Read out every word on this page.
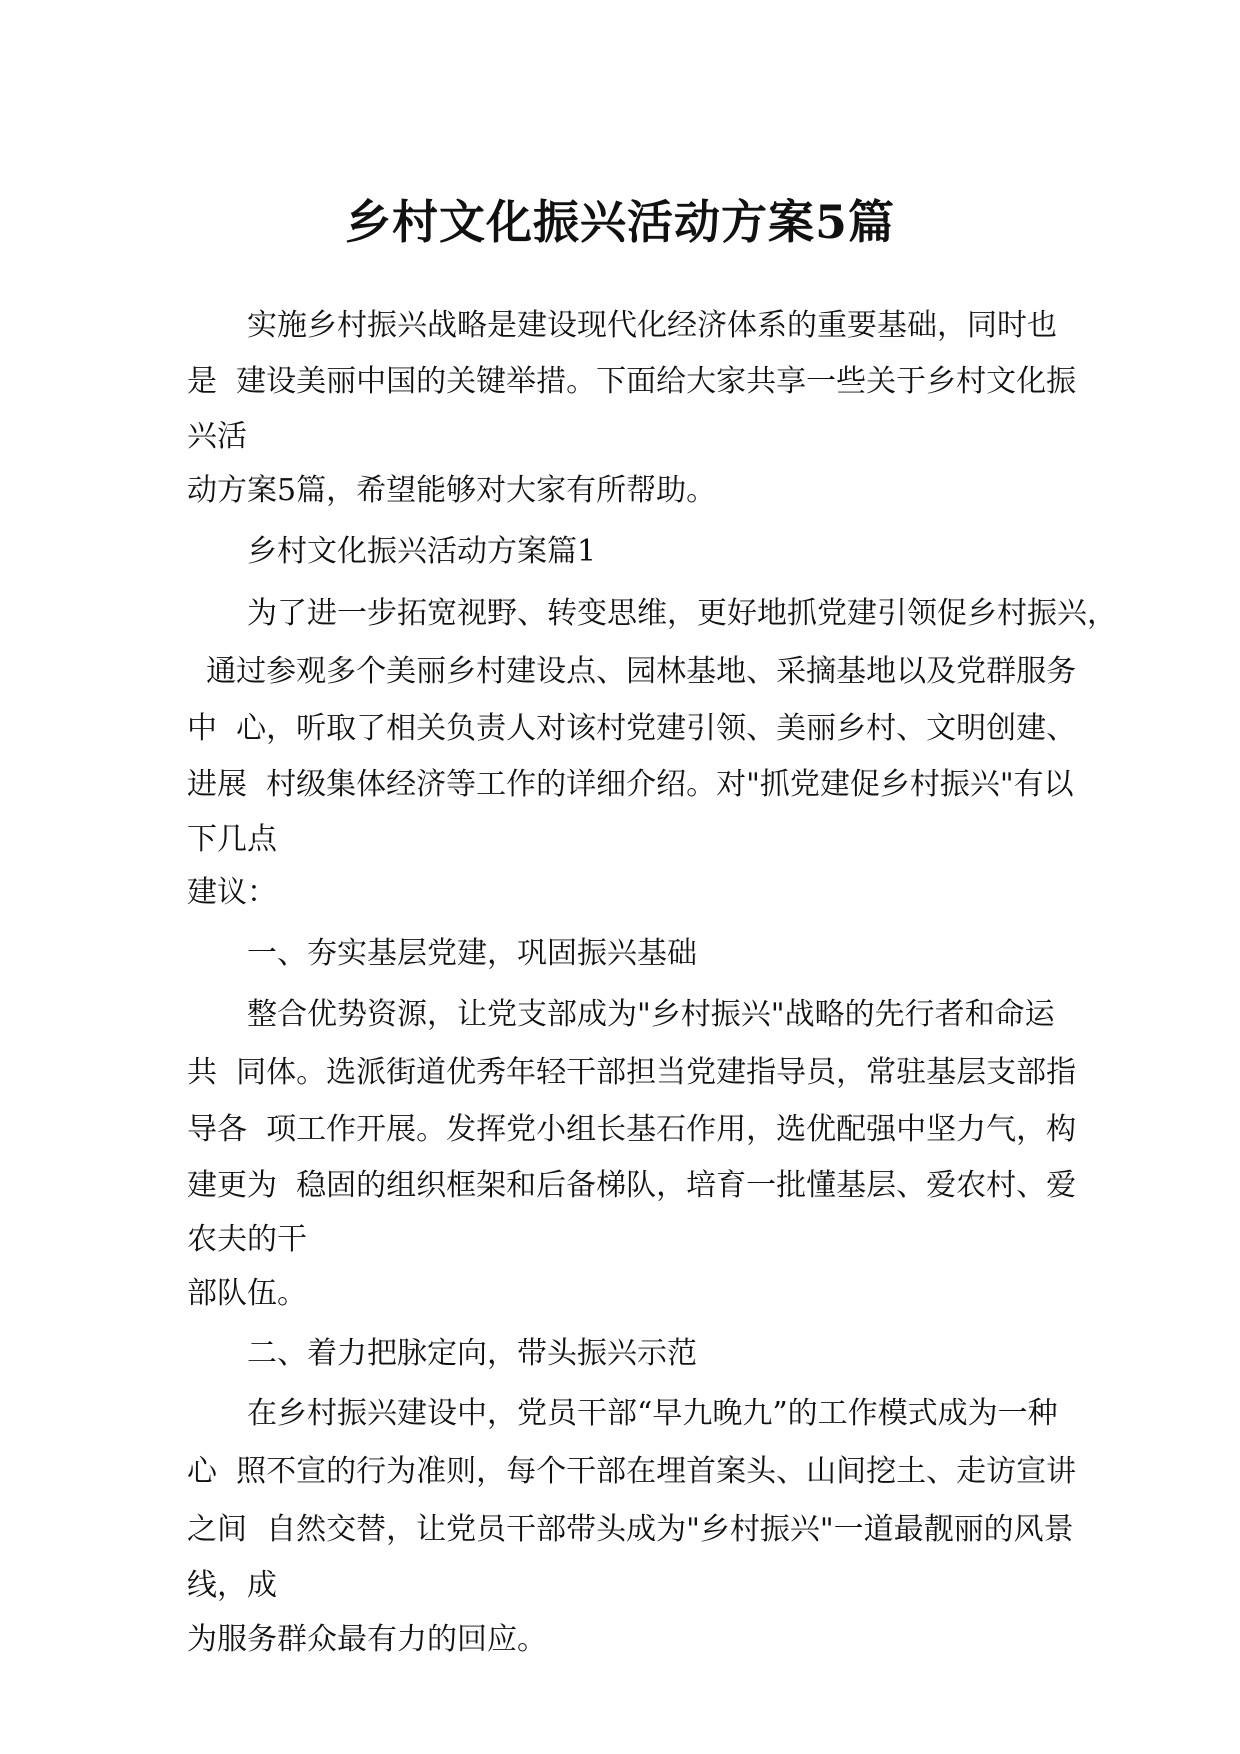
乡村文化振兴活动方案5篇
实施乡村振兴战略是建设现代化经济体系的重要基础，同时也
是  建设美丽中国的关键举措。下面给大家共享一些关于乡村文化振
兴活
动方案5篇，希望能够对大家有所帮助。
乡村文化振兴活动方案篇1
为了进一步拓宽视野、转变思维，更好地抓党建引领促乡村振兴，
通过参观多个美丽乡村建设点、园林基地、采摘基地以及党群服务
中  心，听取了相关负责人对该村党建引领、美丽乡村、文明创建、
进展  村级集体经济等工作的详细介绍。对"抓党建促乡村振兴"有以
下几点
建议：
一、夯实基层党建，巩固振兴基础
整合优势资源，让党支部成为"乡村振兴"战略的先行者和命运
共  同体。选派街道优秀年轻干部担当党建指导员，常驻基层支部指
导各  项工作开展。发挥党小组长基石作用，选优配强中坚力气，构
建更为  稳固的组织框架和后备梯队，培育一批懂基层、爱农村、爱
农夫的干
部队伍。
二、着力把脉定向，带头振兴示范
在乡村振兴建设中，党员干部“早九晚九”的工作模式成为一种
心  照不宣的行为准则，每个干部在埋首案头、山间挖土、走访宣讲
之间  自然交替，让党员干部带头成为"乡村振兴"一道最靓丽的风景
线，成
为服务群众最有力的回应。
